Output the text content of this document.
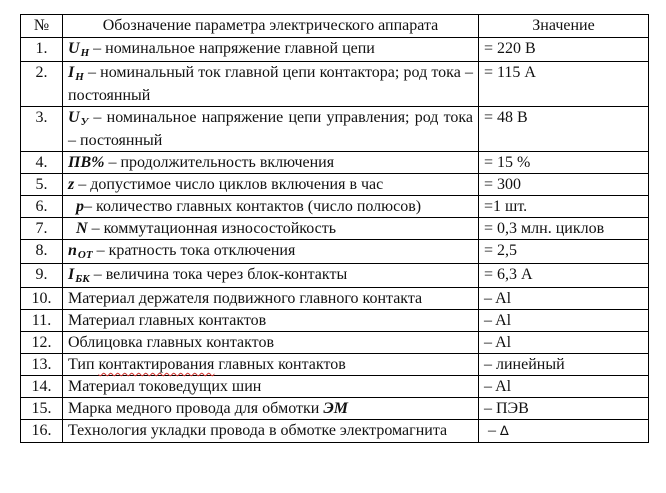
№	Обозначение параметра электрического аппарата	Значение
1.	UН – номинальное напряжение главной цепи	= 220 В
2.	IН – номинальный ток главной цепи контактора; род тока – постоянный	= 115 А
3.	UУ – номинальное напряжение цепи управления; род тока – постоянный	= 48 В
4.	ПВ% – продолжительность включения	= 15 %
5.	z – допустимое число циклов включения в час	= 300
6.	p– количество главных контактов (число полюсов)	=1 шт.
7.	N – коммутационная износостойкость	= 0,3 млн. циклов
8.	nОТ – кратность тока отключения	= 2,5
9.	IБК – величина тока через блок-контакты	= 6,3 А
10.	Материал держателя подвижного главного контакта	– Al
11.	Материал главных контактов	– Al
12.	Облицовка главных контактов	– Al
13.	Тип контактирования главных контактов	– линейный
14.	Материал токоведущих шин	– Al
15.	Марка медного провода для обмотки ЭМ	– ПЭВ
16.	Технология укладки провода в обмотке электромагнита	– ∆
